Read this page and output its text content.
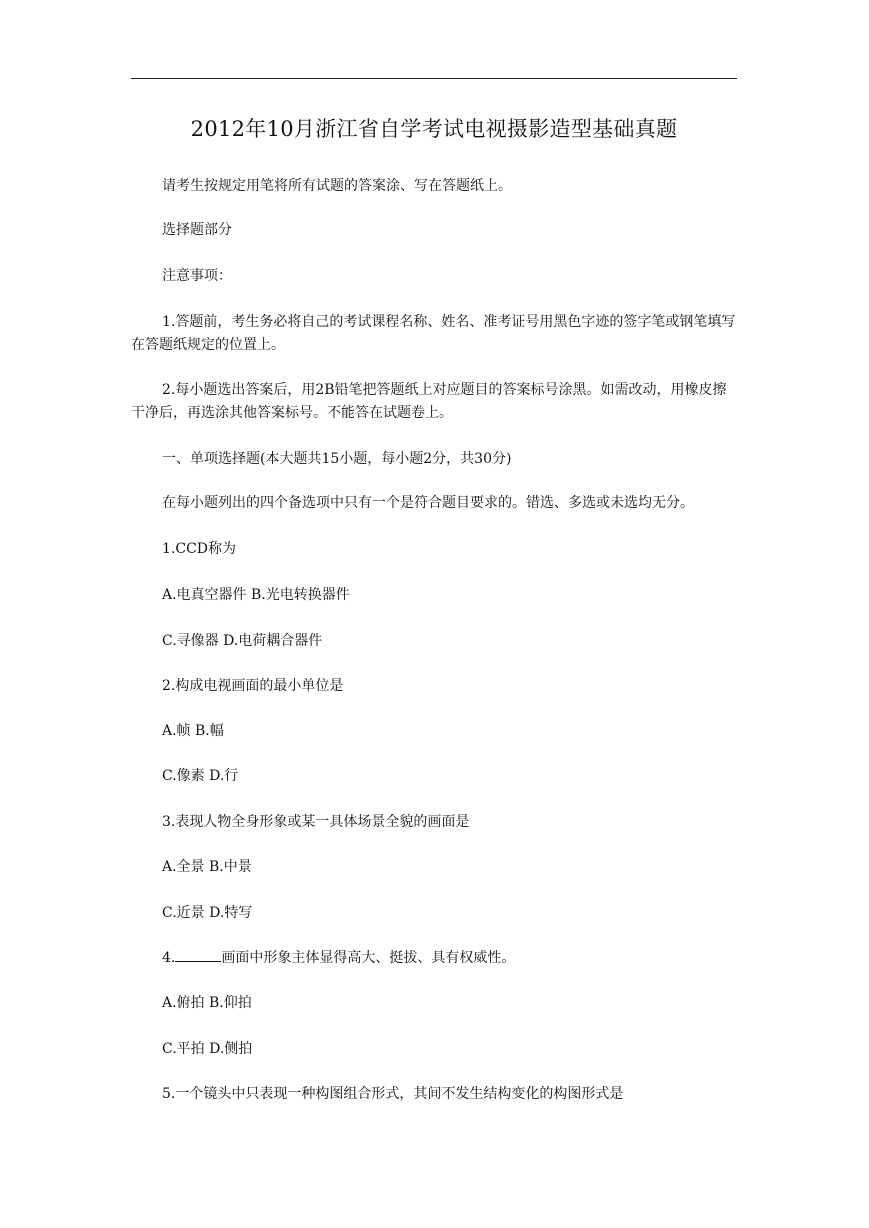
2012年10月浙江省自学考试电视摄影造型基础真题
请考生按规定用笔将所有试题的答案涂、写在答题纸上。
选择题部分
注意事项：
1.答题前，考生务必将自己的考试课程名称、姓名、准考证号用黑色字迹的签字笔或钢笔填写在答题纸规定的位置上。
2.每小题选出答案后，用2B铅笔把答题纸上对应题目的答案标号涂黑。如需改动，用橡皮擦干净后，再选涂其他答案标号。不能答在试题卷上。
一、单项选择题(本大题共15小题，每小题2分，共30分)
在每小题列出的四个备选项中只有一个是符合题目要求的。错选、多选或未选均无分。
1.CCD称为
A.电真空器件 B.光电转换器件
C.寻像器 D.电荷耦合器件
2.构成电视画面的最小单位是
A.帧 B.幅
C.像素 D.行
3.表现人物全身形象或某一具体场景全貌的画面是
A.全景 B.中景
C.近景 D.特写
4.	画面中形象主体显得高大、挺拔、具有权威性。
A.俯拍 B.仰拍
C.平拍 D.侧拍
5.一个镜头中只表现一种构图组合形式，其间不发生结构变化的构图形式是
